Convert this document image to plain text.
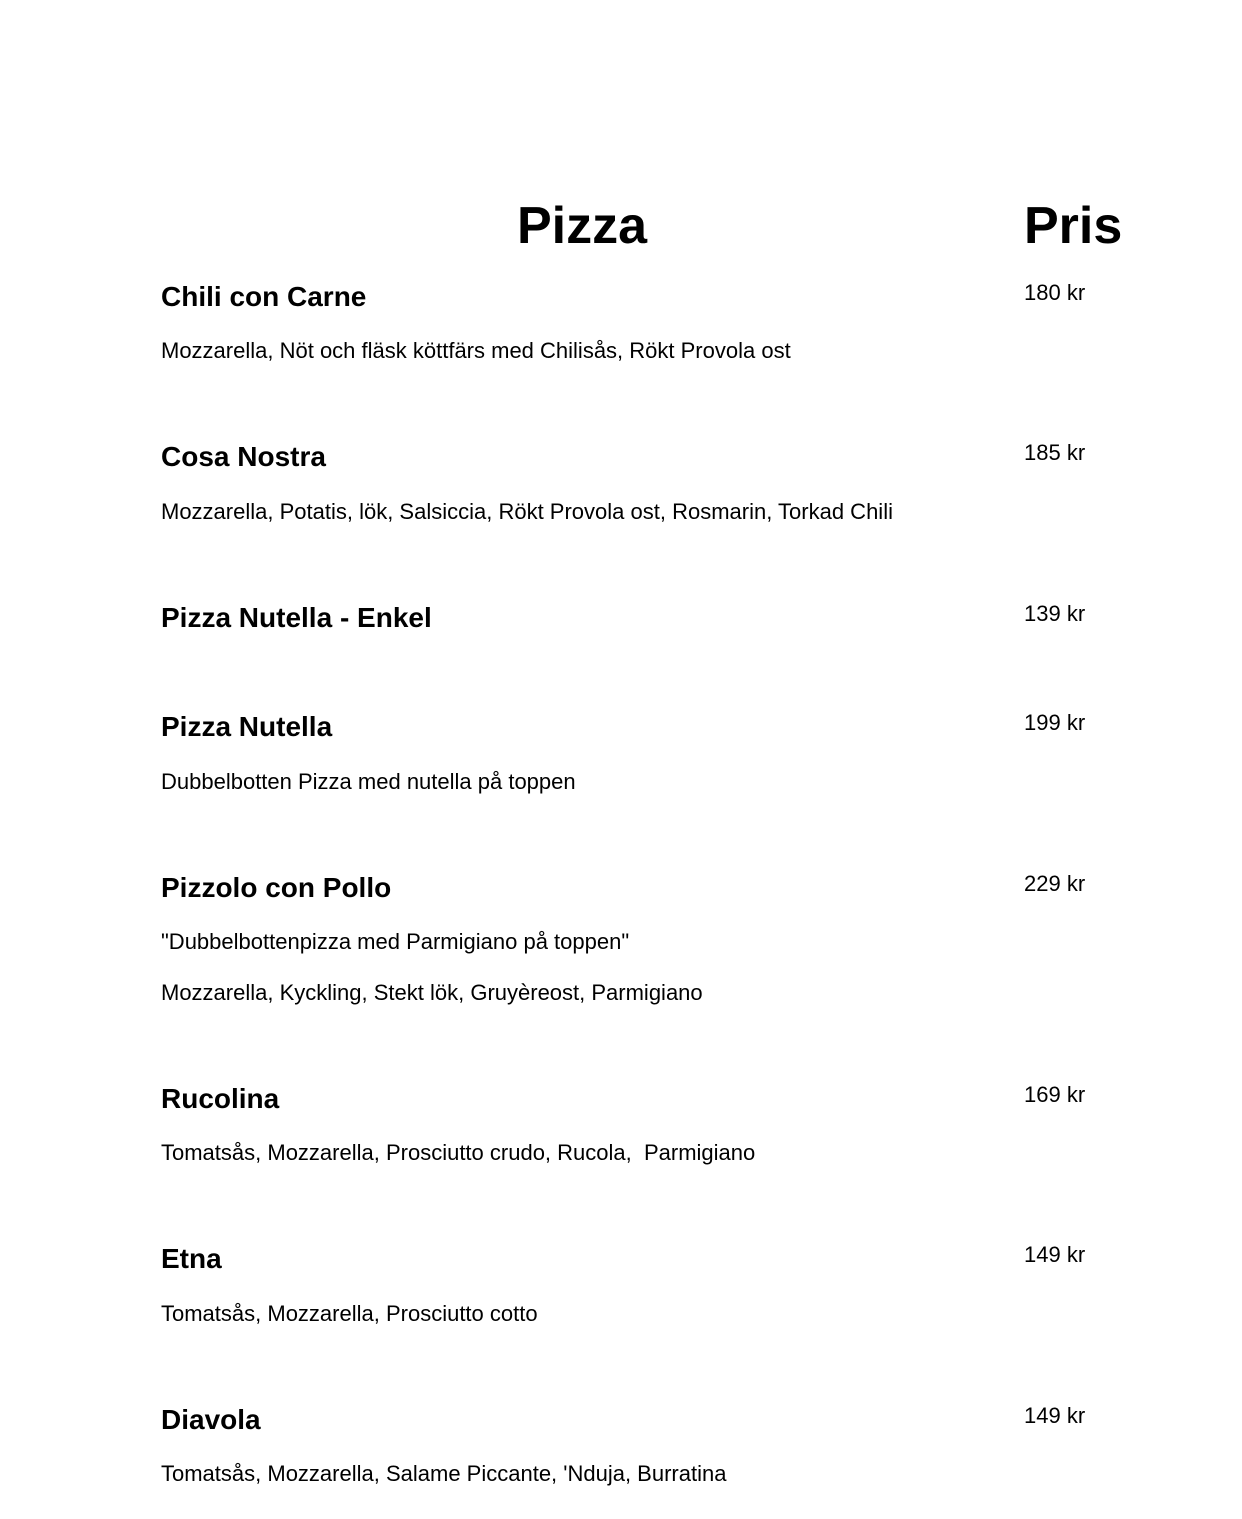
Pizza	Pris
Chili con Carne	180 kr
Mozzarella, Nöt och fläsk köttfärs med Chilisås, Rökt Provola ost
Cosa Nostra	185 kr
Mozzarella, Potatis, lök, Salsiccia, Rökt Provola ost, Rosmarin, Torkad Chili
Pizza Nutella - Enkel	139 kr
Pizza Nutella	199 kr
Dubbelbotten Pizza med nutella på toppen
Pizzolo con Pollo	229 kr
"Dubbelbottenpizza med Parmigiano på toppen"
Mozzarella, Kyckling, Stekt lök, Gruyèreost, Parmigiano
Rucolina	169 kr
Tomatsås, Mozzarella, Prosciutto crudo, Rucola,  Parmigiano
Etna	149 kr
Tomatsås, Mozzarella, Prosciutto cotto
Diavola	149 kr
Tomatsås, Mozzarella, Salame Piccante, 'Nduja, Burratina
